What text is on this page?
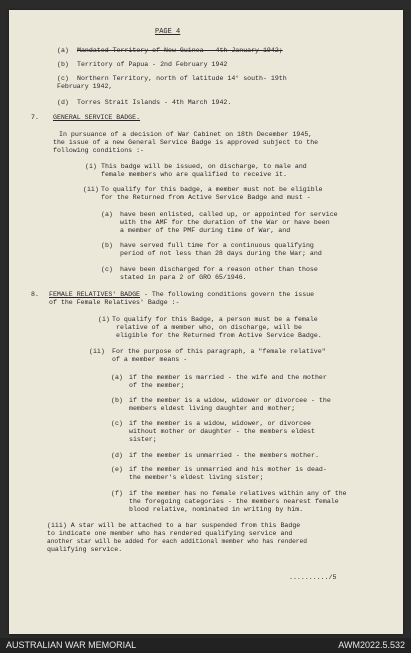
PAGE 4
(a) Mandated Territory of New Guinea - 4th January 1942;
(b) Territory of Papua - 2nd February 1942
(c) Northern Territory, north of latitude 14° south- 19th
February 1942,
(d) Torres Strait Islands - 4th March 1942.
7. GENERAL SERVICE BADGE.
In pursuance of a decision of War Cabinet on 18th December 1945,
the issue of a new General Service Badge is approved subject to the
following conditions :-
(i) This badge will be issued, on discharge, to male and
female members who are qualified to receive it.
(ii) To qualify for this badge, a member must not be eligible
for the Returned from Active Service Badge and must -
(a) have been enlisted, called up, or appointed for service
with the AMF for the duration of the War or have been
a member of the PMF during time of War, and
(b) have served full time for a continuous qualifying
period of not less than 28 days during the War; and
(c) have been discharged for a reason other than those
stated in para 2 of GRO 65/1946.
8. FEMALE RELATIVES' BADGE - The following conditions govern the issue
of the Female Relatives' Badge :-
(i) To qualify for this Badge, a person must be a female
relative of a member who, on discharge, will be
eligible for the Returned from Active Service Badge.
(ii) For the purpose of this paragraph, a "female relative"
of a member means -
(a) if the member is married - the wife and the mother
of the member;
(b) if the member is a widow, widower or divorcee - the
members eldest living daughter and mother;
(c) if the member is a widow, widower, or divorcee
without mother or daughter - the members eldest
sister;
(d) if the member is unmarried - the members mother.
(e) if the member is unmarried and his mother is dead-
the member's eldest living sister;
(f) if the member has no female relatives within any of the
the foregoing categories - the members nearest female
blood relative, nominated in writing by him.
(iii) A star will be attached to a bar suspended from this Badge
to indicate one member who has rendered qualifying service and
another star will be added for each additional member who has rendered
qualifying service.
........../5
AUSTRALIAN WAR MEMORIAL	AWM2022.5.532
